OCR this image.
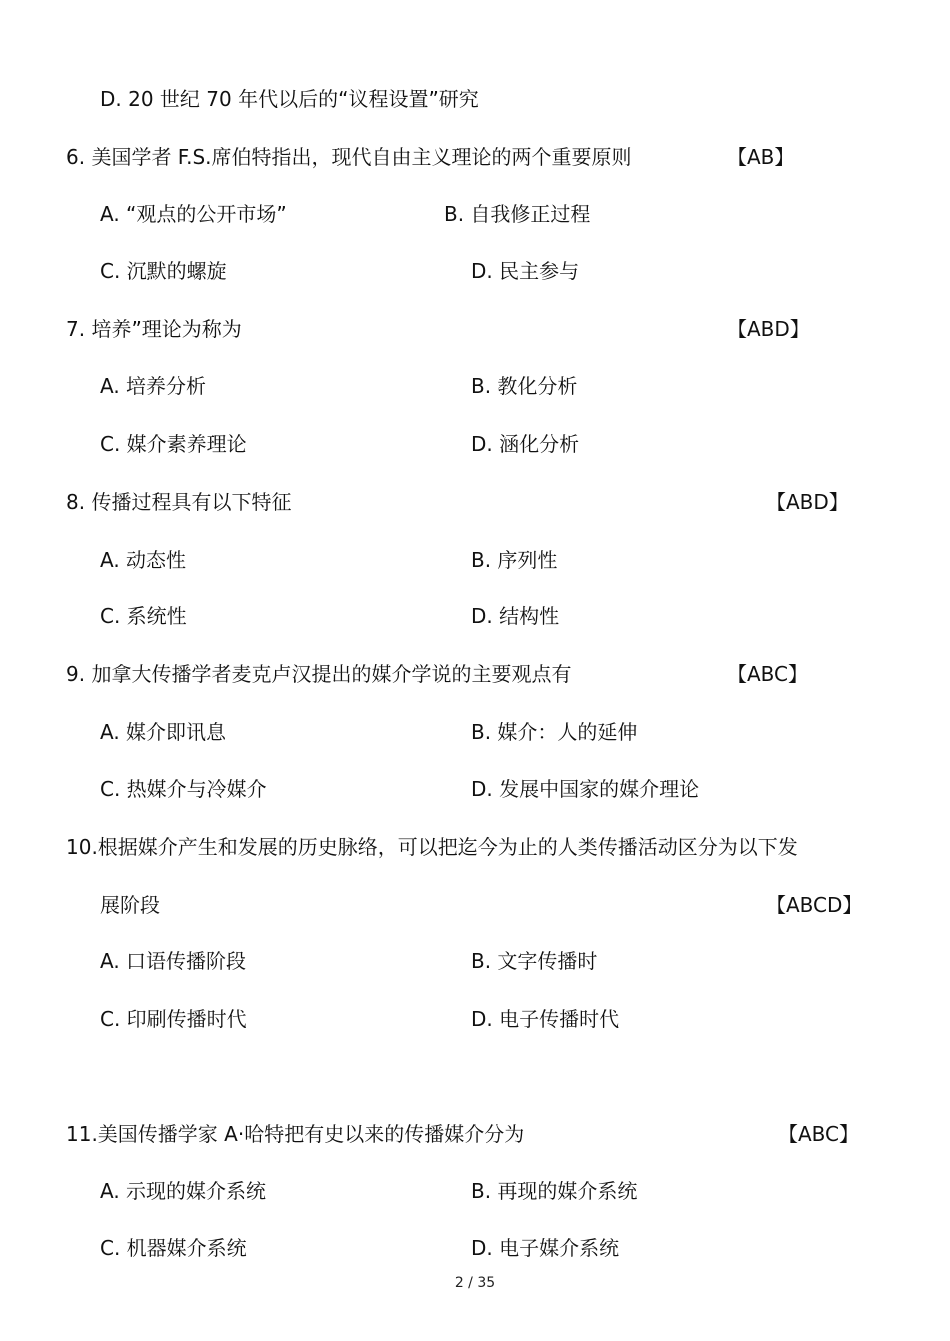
D. 20 世纪 70 年代以后的“议程设置”研究
6. 美国学者 F.S.席伯特指出，现代自由主义理论的两个重要原则	【AB】
A. “观点的公开市场”	B. 自我修正过程
C. 沉默的螺旋	D. 民主参与
7. 培养”理论为称为	【ABD】
A. 培养分析	B. 教化分析
C. 媒介素养理论	D. 涵化分析
8. 传播过程具有以下特征	【ABD】
A. 动态性	B. 序列性
C. 系统性	D. 结构性
9. 加拿大传播学者麦克卢汉提出的媒介学说的主要观点有	【ABC】
A. 媒介即讯息	B. 媒介：人的延伸
C. 热媒介与冷媒介	D. 发展中国家的媒介理论
10.根据媒介产生和发展的历史脉络，可以把迄今为止的人类传播活动区分为以下发
展阶段	【ABCD】
A. 口语传播阶段	B. 文字传播时
C. 印刷传播时代	D. 电子传播时代
11.美国传播学家 A·哈特把有史以来的传播媒介分为	【ABC】
A. 示现的媒介系统	B. 再现的媒介系统
C. 机器媒介系统	D. 电子媒介系统
2 / 35
